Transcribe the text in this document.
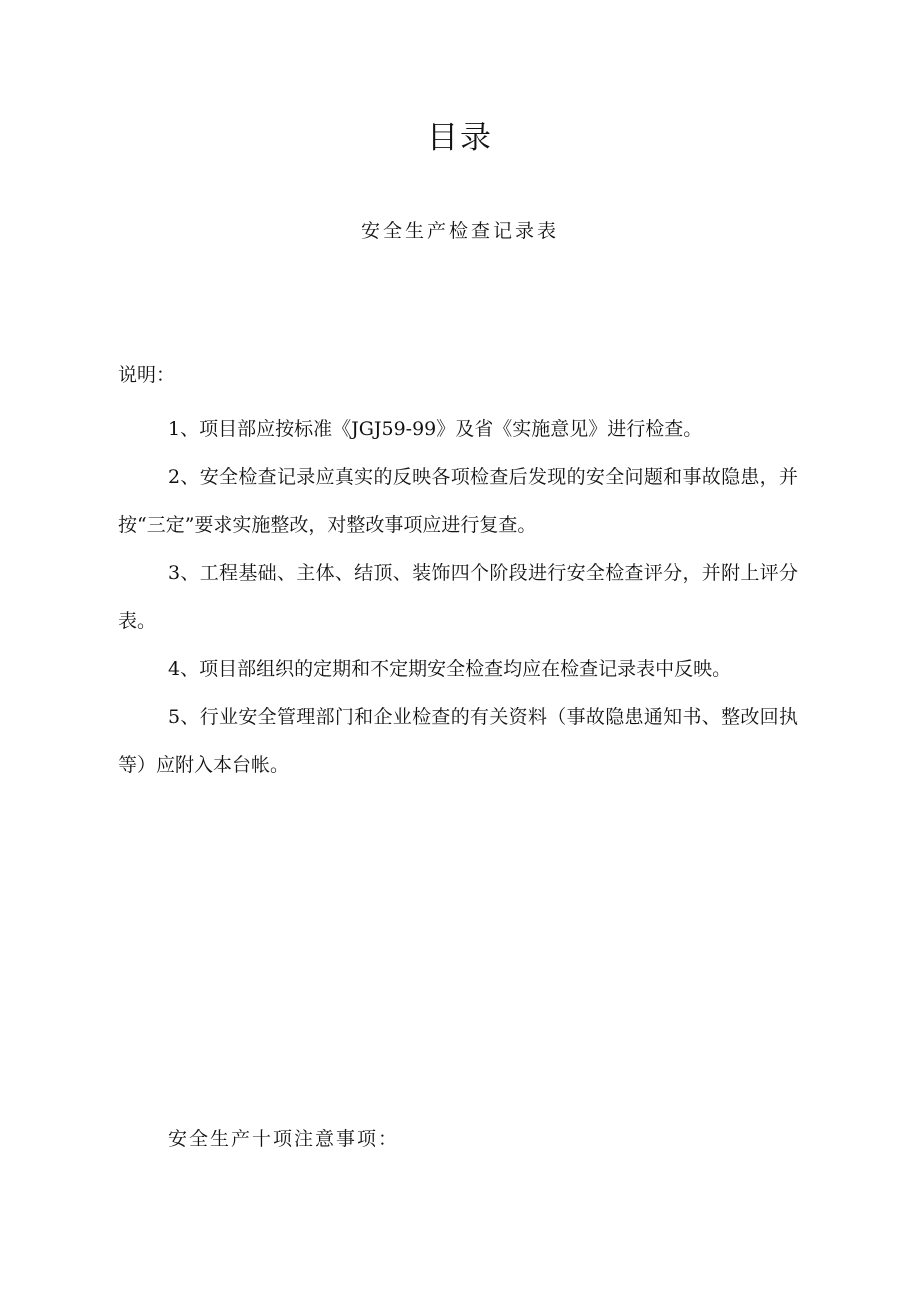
目录
安全生产检查记录表
说明：

1、项目部应按标准《JGJ59-99》及省《实施意见》进行检查。

2、安全检查记录应真实的反映各项检查后发现的安全问题和事故隐患，并按“三定”要求实施整改，对整改事项应进行复查。

3、工程基础、主体、结顶、装饰四个阶段进行安全检查评分，并附上评分表。

4、项目部组织的定期和不定期安全检查均应在检查记录表中反映。

5、行业安全管理部门和企业检查的有关资料（事故隐患通知书、整改回执等）应附入本台帐。

安全生产十项注意事项：
